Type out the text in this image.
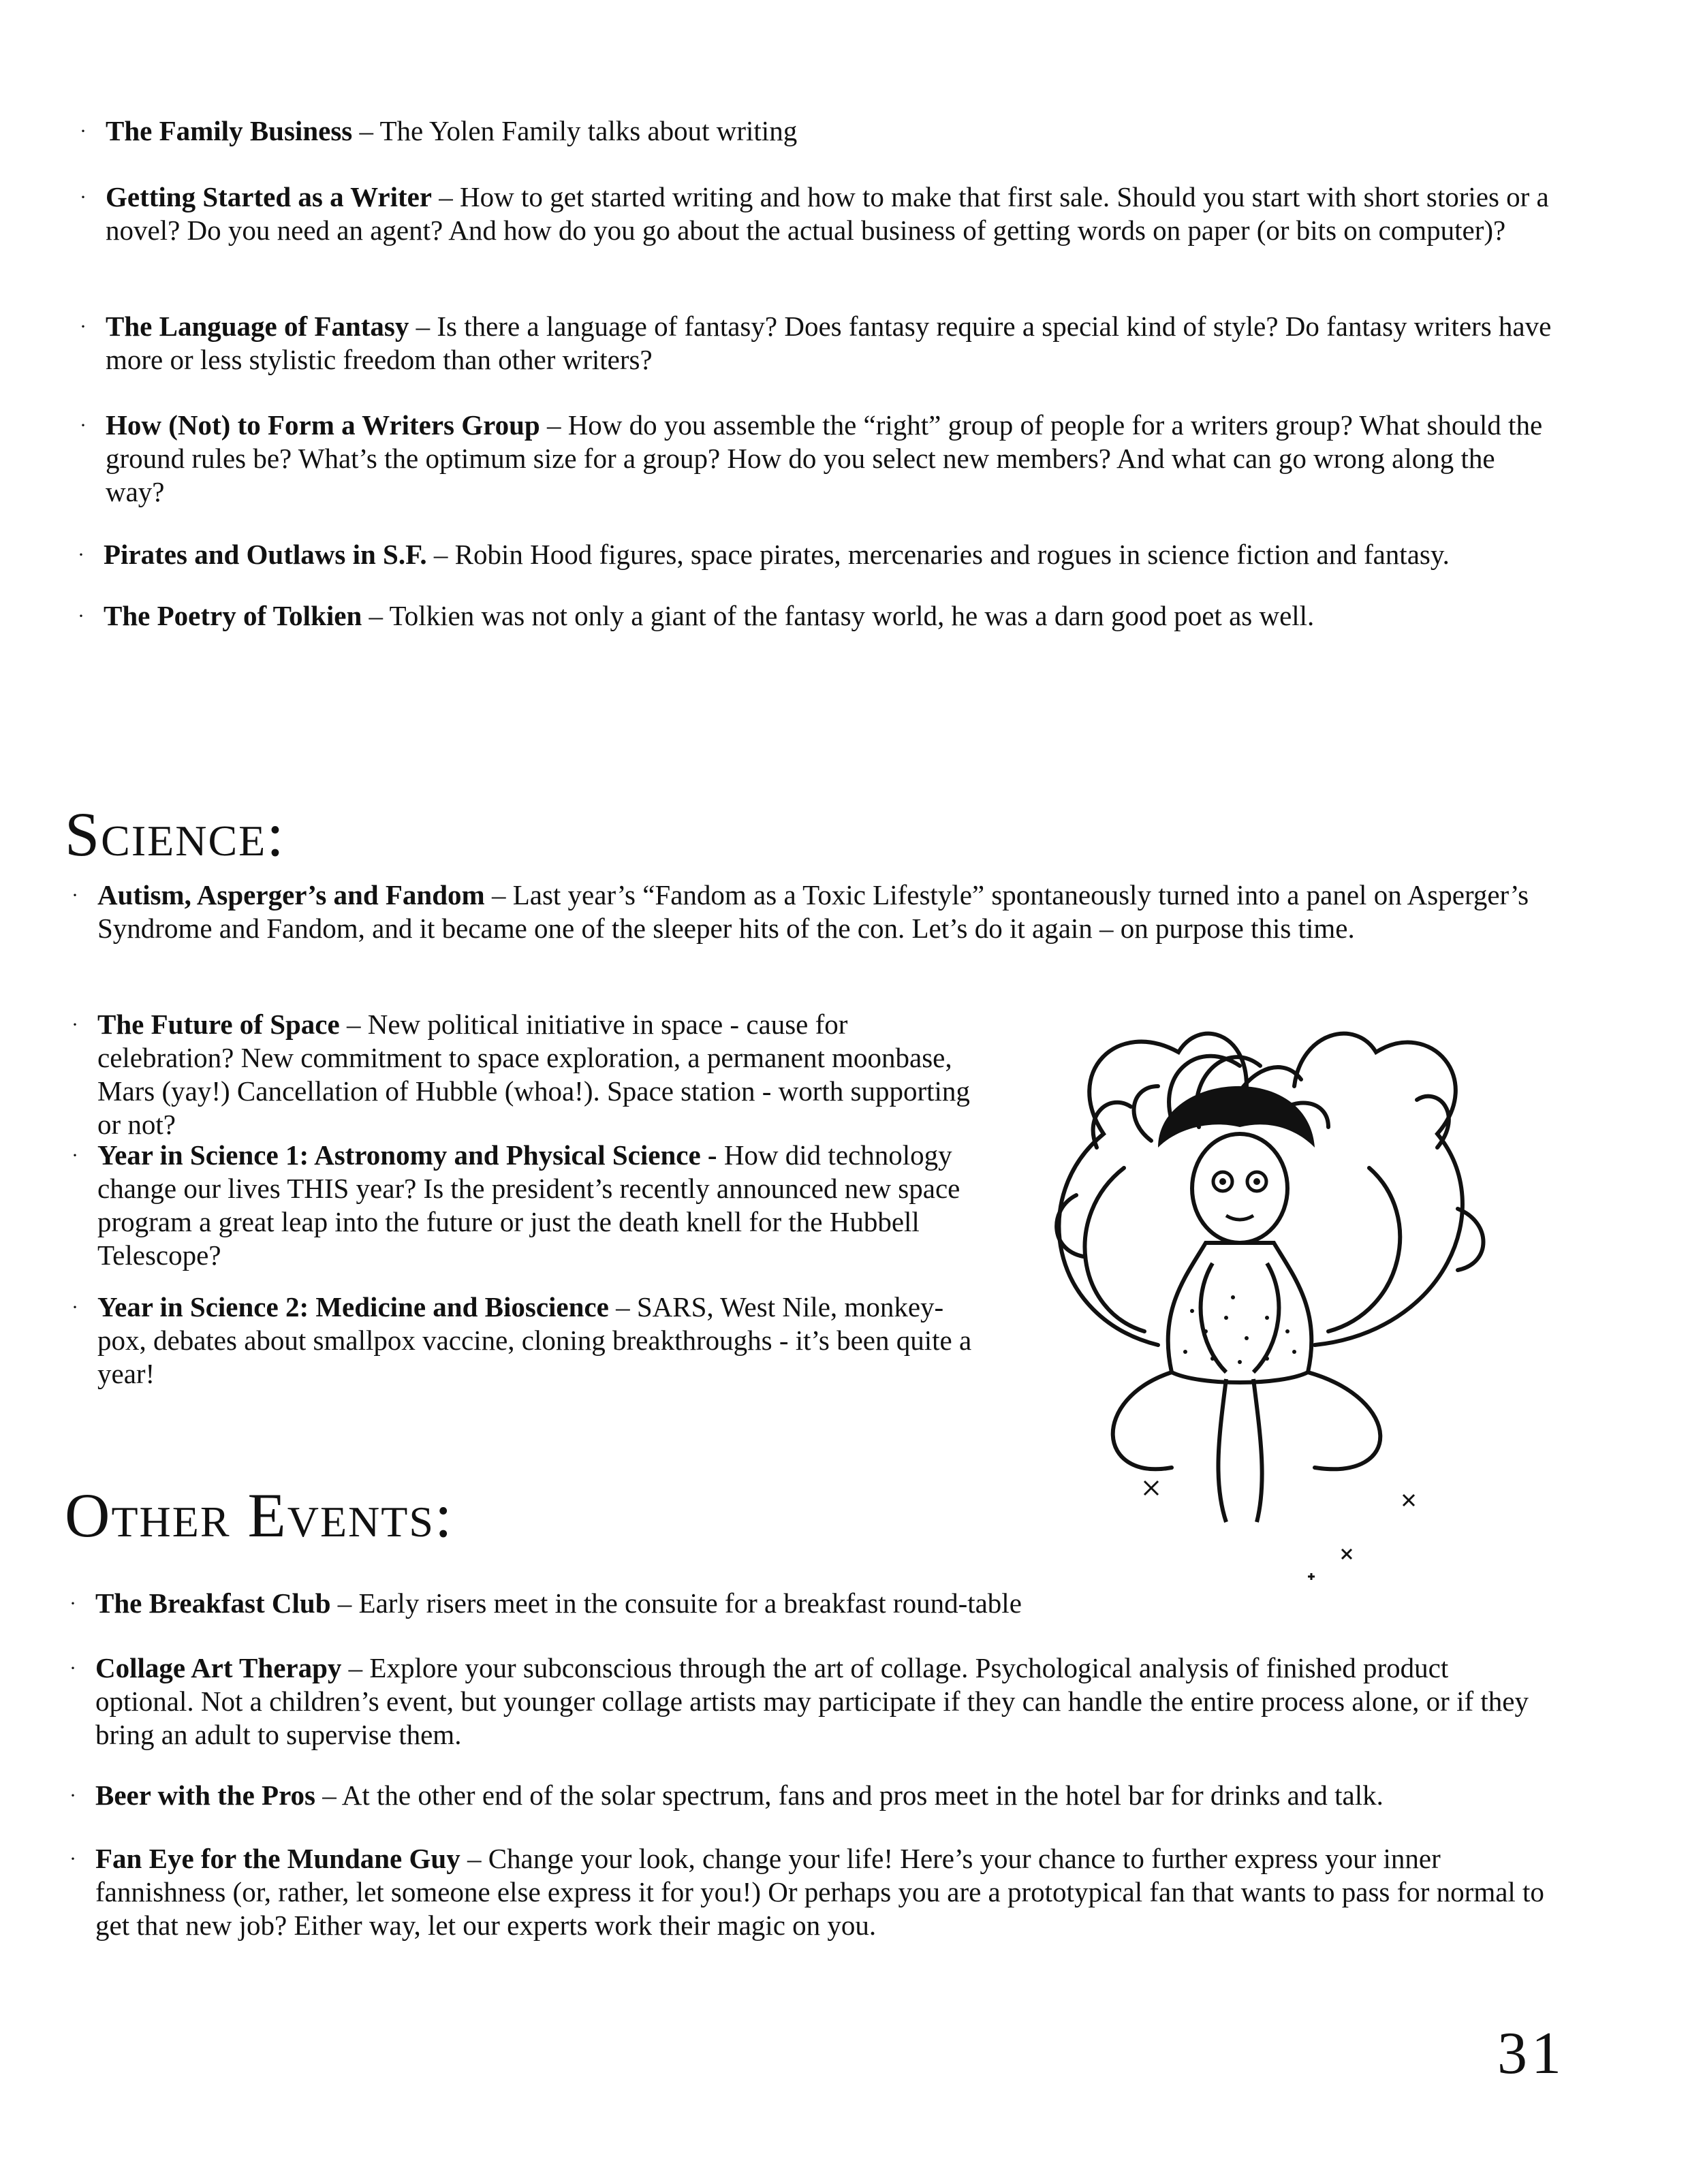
· The Family Business – The Yolen Family talks about writing
· Getting Started as a Writer – How to get started writing and how to make that first sale. Should you start with short stories or a novel? Do you need an agent? And how do you go about the actual business of getting words on paper (or bits on computer)?
· The Language of Fantasy – Is there a language of fantasy? Does fantasy require a special kind of style? Do fantasy writers have more or less stylistic freedom than other writers?
· How (Not) to Form a Writers Group – How do you assemble the “right” group of people for a writers group? What should the ground rules be? What’s the optimum size for a group? How do you select new members? And what can go wrong along the way?
· Pirates and Outlaws in S.F. – Robin Hood figures, space pirates, mercenaries and rogues in science fiction and fantasy.
· The Poetry of Tolkien – Tolkien was not only a giant of the fantasy world, he was a darn good poet as well.
Science:
· Autism, Asperger’s and Fandom – Last year’s “Fandom as a Toxic Lifestyle” spontaneously turned into a panel on Asperger’s Syndrome and Fandom, and it became one of the sleeper hits of the con. Let’s do it again – on purpose this time.
· The Future of Space – New political initiative in space - cause for celebration? New commitment to space exploration, a permanent moonbase, Mars (yay!) Cancellation of Hubble (whoa!). Space station - worth supporting or not?
· Year in Science 1: Astronomy and Physical Science - How did technology change our lives THIS year? Is the president’s recently announced new space program a great leap into the future or just the death knell for the Hubbell Telescope?
· Year in Science 2: Medicine and Bioscience – SARS, West Nile, monkey-pox, debates about smallpox vaccine, cloning breakthroughs - it’s been quite a year!
Other Events:
· The Breakfast Club – Early risers meet in the consuite for a breakfast round-table
· Collage Art Therapy – Explore your subconscious through the art of collage. Psychological analysis of finished product optional. Not a children’s event, but younger collage artists may participate if they can handle the entire process alone, or if they bring an adult to supervise them.
· Beer with the Pros – At the other end of the solar spectrum, fans and pros meet in the hotel bar for drinks and talk.
· Fan Eye for the Mundane Guy – Change your look, change your life! Here’s your chance to further express your inner fannishness (or, rather, let someone else express it for you!) Or perhaps you are a prototypical fan that wants to pass for normal to get that new job? Either way, let our experts work their magic on you.
31
